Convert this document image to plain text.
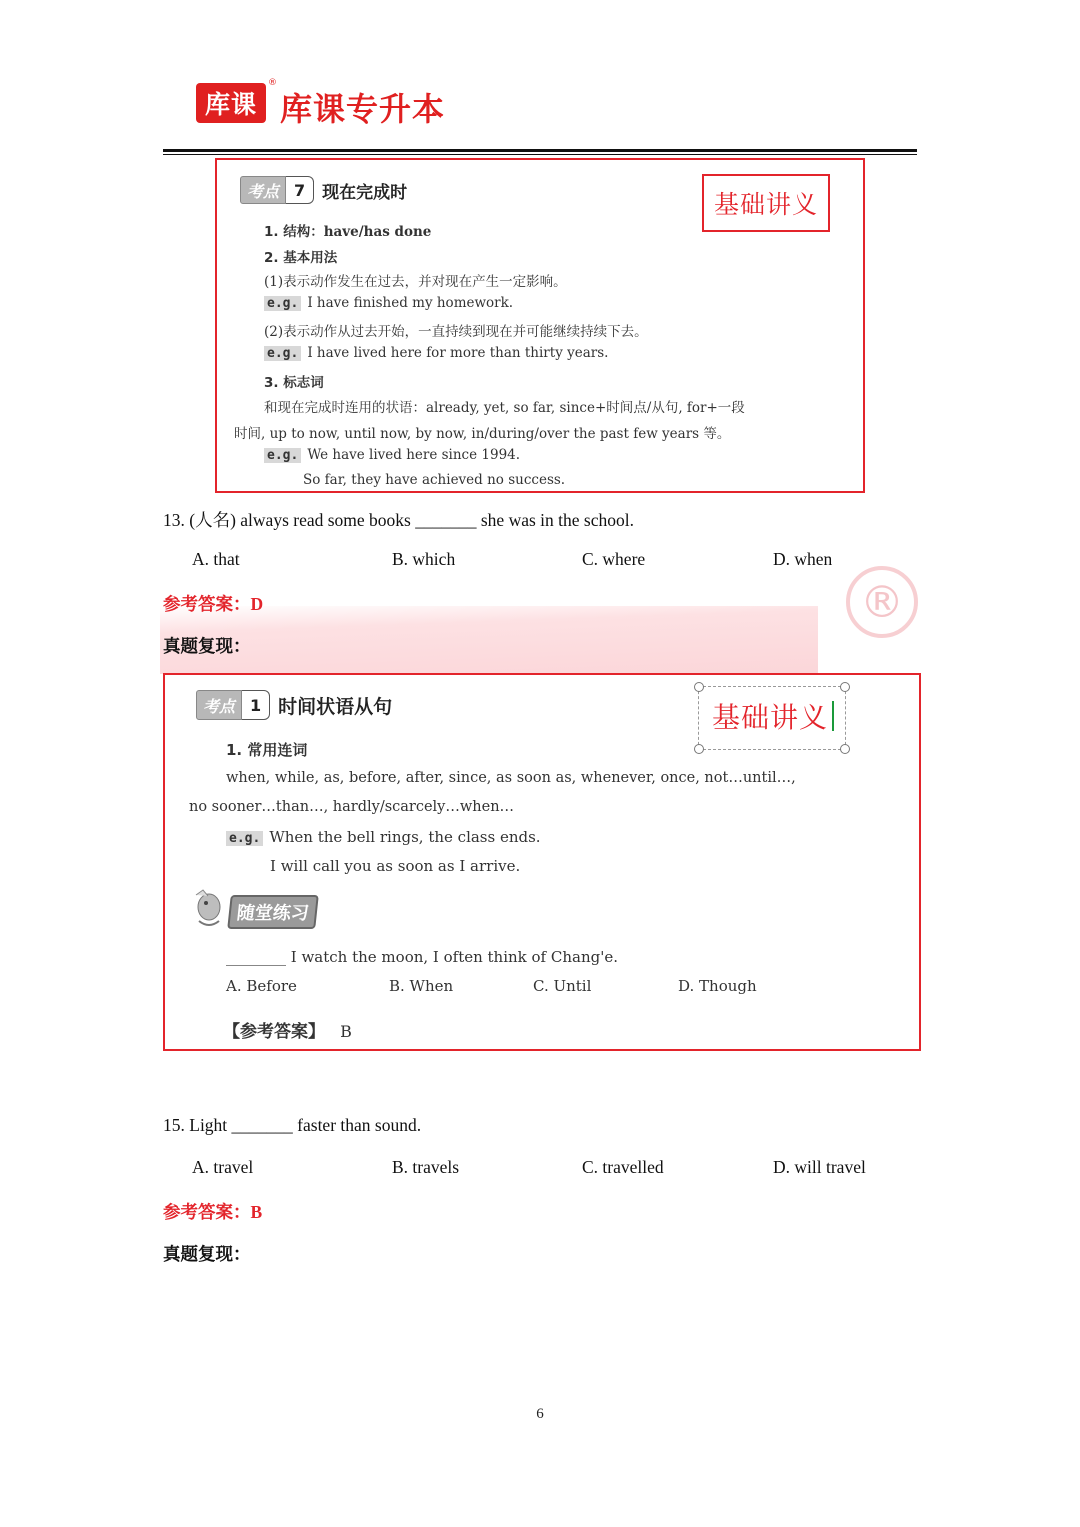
库课
®
库课专升本
®
考点 7	现在完成时	基础讲义
1. 结构：have/has done
2. 基本用法
(1)表示动作发生在过去，并对现在产生一定影响。
e.g. I have finished my homework.
(2)表示动作从过去开始，一直持续到现在并可能继续持续下去。
e.g. I have lived here for more than thirty years.
3. 标志词
和现在完成时连用的状语：already, yet, so far, since+时间点/从句, for+一段
时间, up to now, until now, by now, in/during/over the past few years 等。
e.g. We have lived here since 1994.
So far, they have achieved no success.
13. (人名) always read some books _______ she was in the school.
A. that	B. which	C. where	D. when
参考答案：D
真题复现：
考点 1 时间状语从句	基础讲义
1. 常用连词
when, while, as, before, after, since, as soon as, whenever, once, not…until…,
no sooner…than…, hardly/scarcely…when…
e.g. When the bell rings, the class ends.
I will call you as soon as I arrive.
随堂练习
________ I watch the moon, I often think of Chang'e.
A. Before	B. When	C. Until	D. Though
【参考答案】 B
15. Light _______ faster than sound.
A. travel	B. travels	C. travelled	D. will travel
参考答案：B
真题复现：
6
